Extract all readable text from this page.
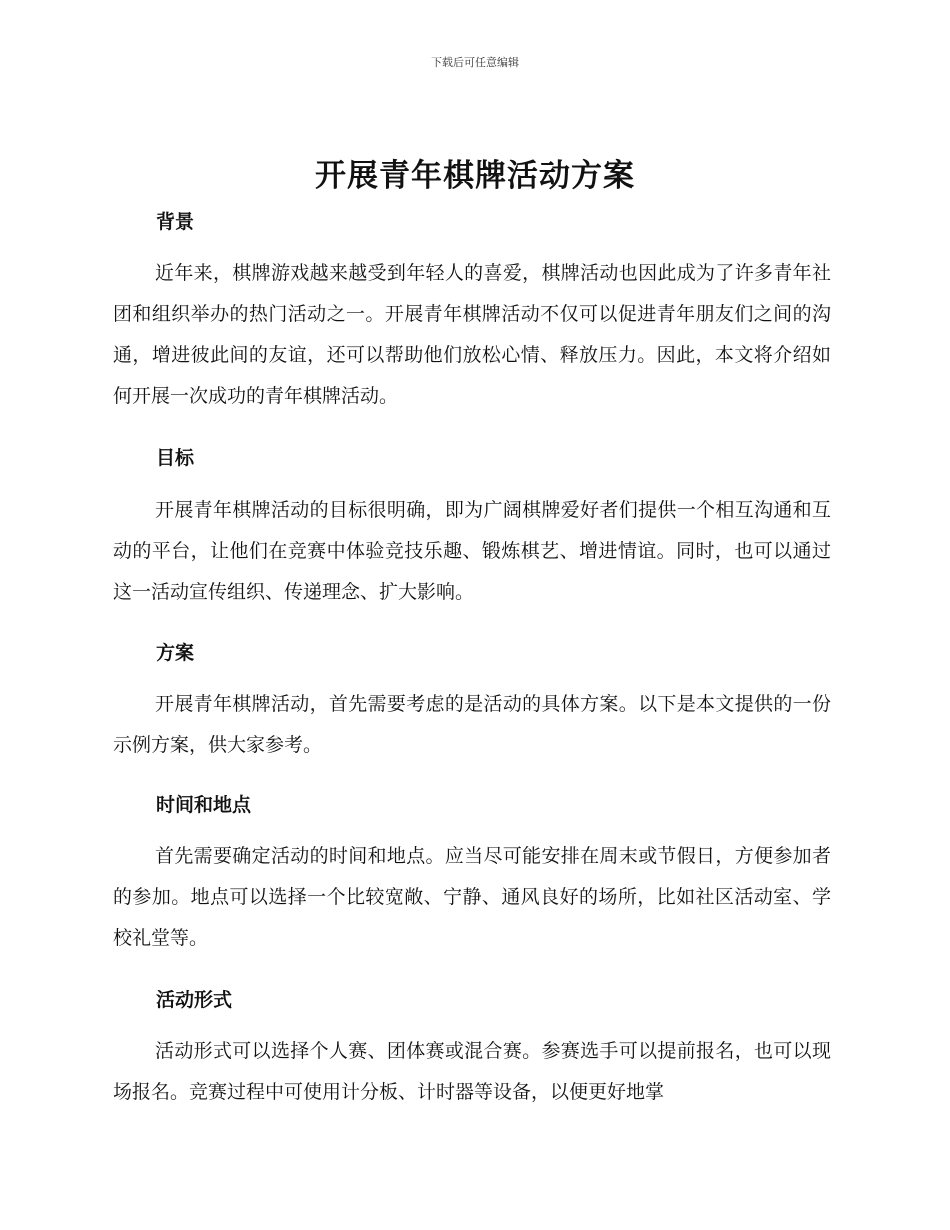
下载后可任意编辑
开展青年棋牌活动方案
背景

近年来，棋牌游戏越来越受到年轻人的喜爱，棋牌活动也因此成为了许多青年社团和组织举办的热门活动之一。开展青年棋牌活动不仅可以促进青年朋友们之间的沟通，增进彼此间的友谊，还可以帮助他们放松心情、释放压力。因此，本文将介绍如何开展一次成功的青年棋牌活动。

目标

开展青年棋牌活动的目标很明确，即为广阔棋牌爱好者们提供一个相互沟通和互动的平台，让他们在竞赛中体验竞技乐趣、锻炼棋艺、增进情谊。同时，也可以通过这一活动宣传组织、传递理念、扩大影响。

方案

开展青年棋牌活动，首先需要考虑的是活动的具体方案。以下是本文提供的一份示例方案，供大家参考。

时间和地点

首先需要确定活动的时间和地点。应当尽可能安排在周末或节假日，方便参加者的参加。地点可以选择一个比较宽敞、宁静、通风良好的场所，比如社区活动室、学校礼堂等。

活动形式

活动形式可以选择个人赛、团体赛或混合赛。参赛选手可以提前报名，也可以现场报名。竞赛过程中可使用计分板、计时器等设备，以便更好地掌
